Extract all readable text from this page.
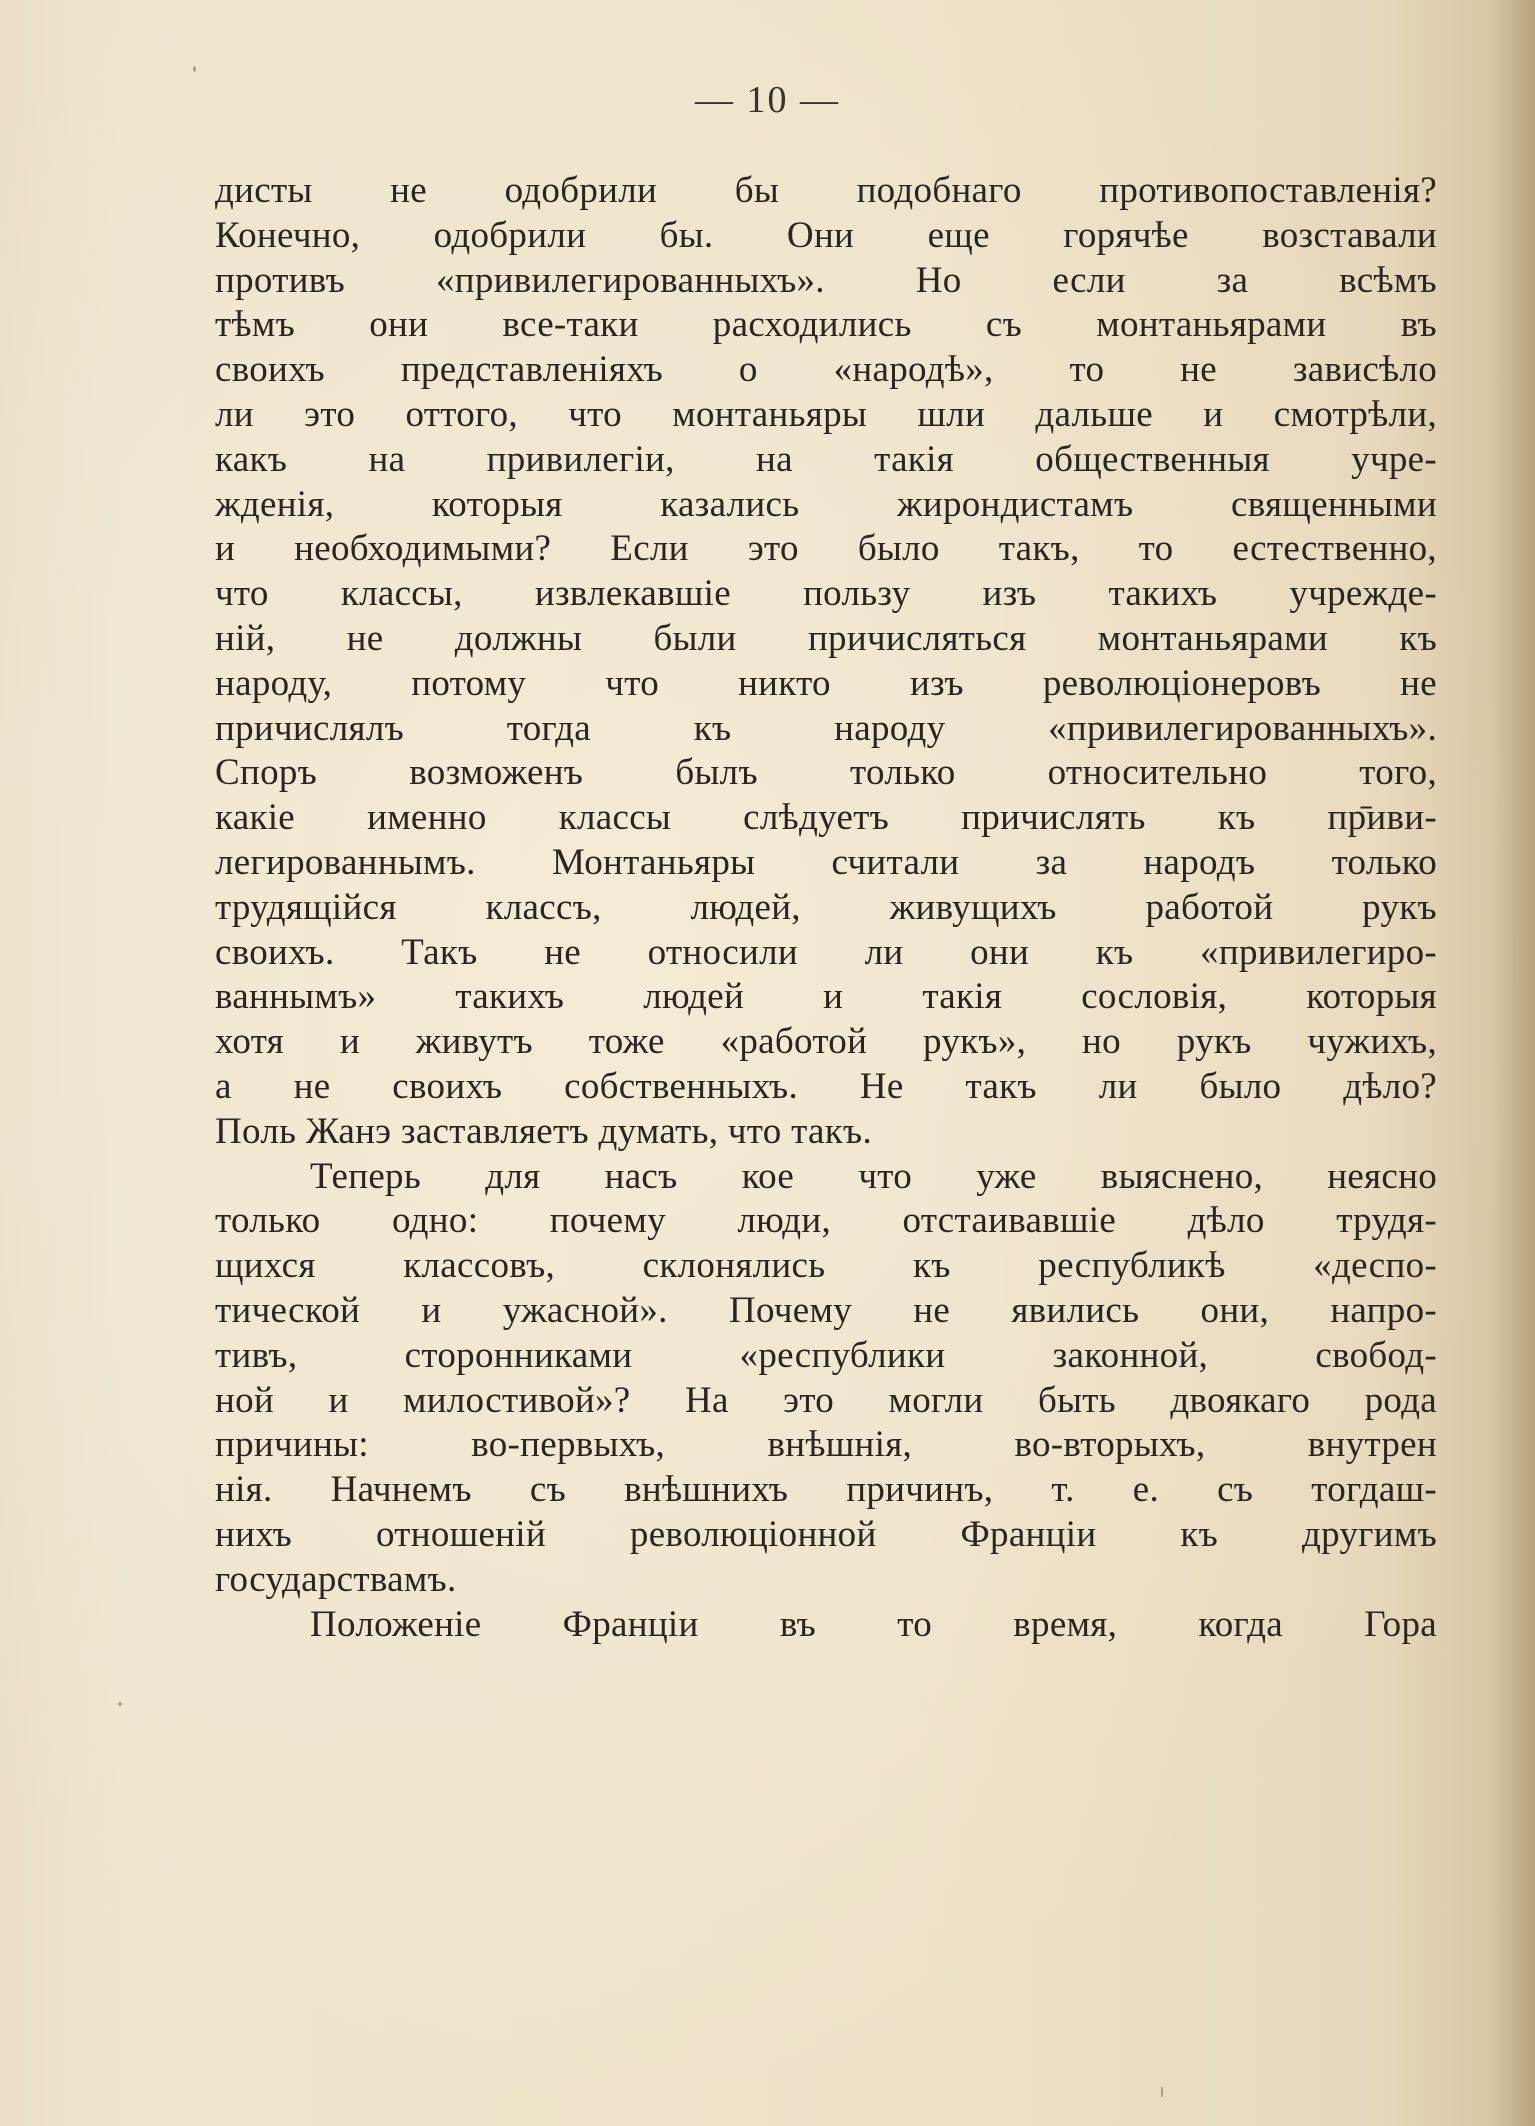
— 10 —
дисты не одобрили бы подобнаго противопоставленія?
Конечно, одобрили бы. Они еще горячѣе возставали
противъ «привилегированныхъ». Но если за всѣмъ
тѣмъ они все-таки расходились съ монтаньярами въ
своихъ представленіяхъ о «народѣ», то не зависѣло
ли это оттого, что монтаньяры шли дальше и смотрѣли,
какъ на привилегіи, на такія общественныя учре-
жденія, которыя казались жирондистамъ священными
и необходимыми? Если это было такъ, то естественно,
что классы, извлекавшіе пользу изъ такихъ учрежде-
ній, не должны были причисляться монтаньярами къ
народу, потому что никто изъ революціонеровъ не
причислялъ тогда къ народу «привилегированныхъ».
Споръ возможенъ былъ только относительно того,
какіе именно классы слѣдуетъ причислять къ пр̄иви-
легированнымъ. Монтаньяры считали за народъ только
трудящійся классъ, людей, живущихъ работой рукъ
своихъ. Такъ не относили ли они къ «привилегиро-
ваннымъ» такихъ людей и такія сословія, которыя
хотя и живутъ тоже «работой рукъ», но рукъ чужихъ,
а не своихъ собственныхъ. Не такъ ли было дѣло?
Поль Жанэ заставляетъ думать, что такъ.
Теперь для насъ кое что уже выяснено, неясно
только одно: почему люди, отстаивавшіе дѣло трудя-
щихся классовъ, склонялись къ республикѣ «деспо-
тической и ужасной». Почему не явились они, напро-
тивъ, сторонниками «республики законной, свобод-
ной и милостивой»? На это могли быть двоякаго рода
причины: во-первыхъ, внѣшнія, во-вторыхъ, внутрен
нія. Начнемъ съ внѣшнихъ причинъ, т. е. съ тогдаш-
нихъ отношеній революціонной Франціи къ другимъ
государствамъ.
Положеніе Франціи въ то время, когда Гора
